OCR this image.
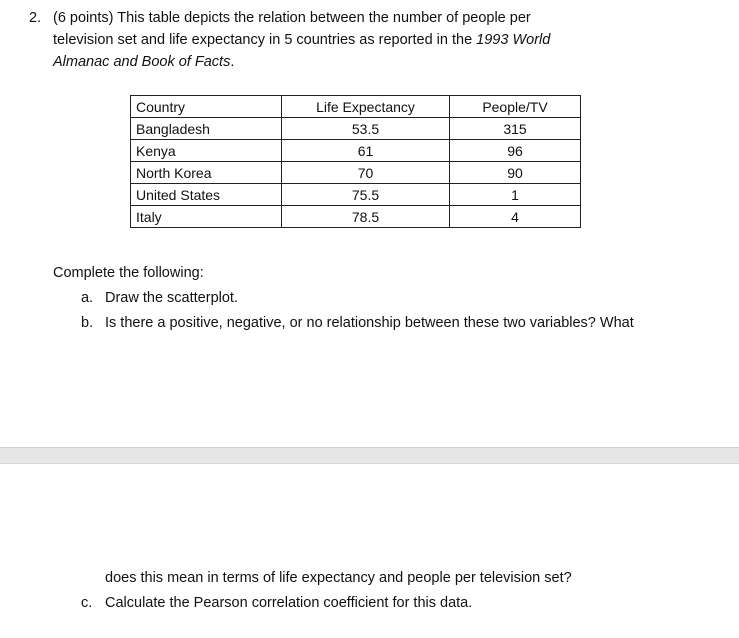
2. (6 points) This table depicts the relation between the number of people per
television set and life expectancy in 5 countries as reported in the 1993 World
Almanac and Book of Facts.
Country	Life Expectancy	People/TV
Bangladesh	53.5	315
Kenya	61	96
North Korea	70	90
United States	75.5	1
Italy	78.5	4
Complete the following:
a. Draw the scatterplot.
b. Is there a positive, negative, or no relationship between these two variables? What
does this mean in terms of life expectancy and people per television set?
c. Calculate the Pearson correlation coefficient for this data.
